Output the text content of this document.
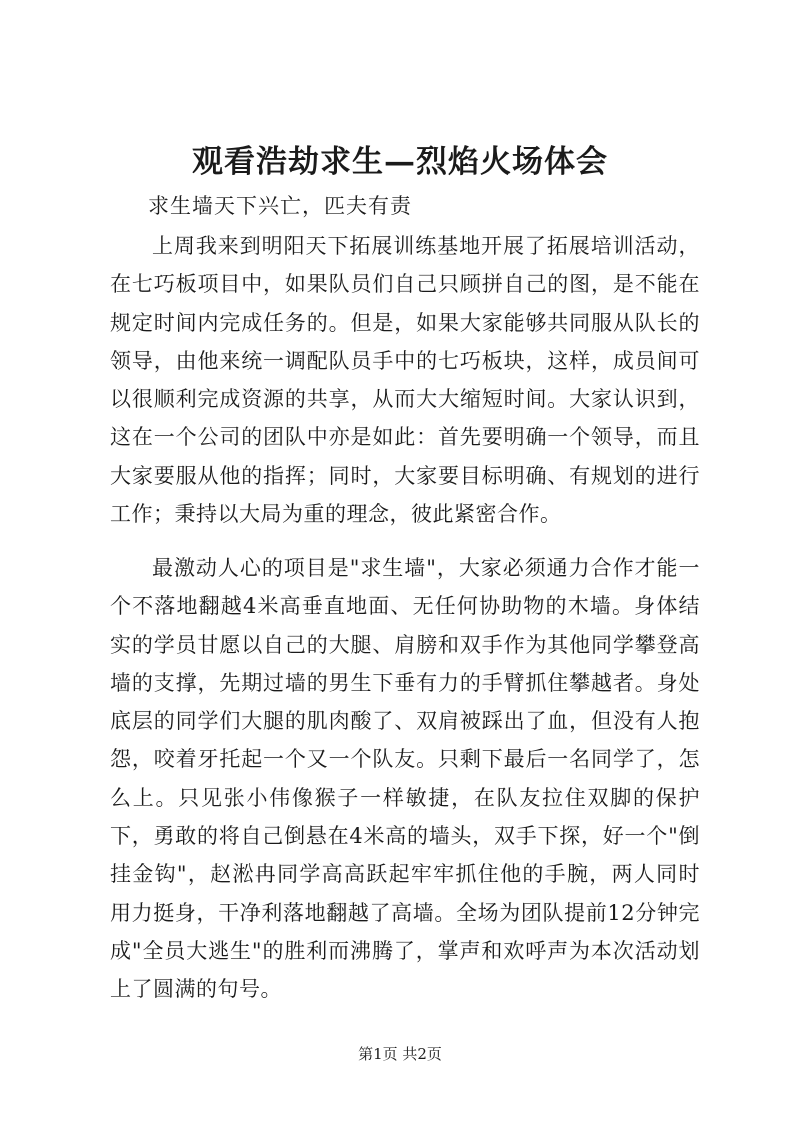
观看浩劫求生—烈焰火场体会
求生墙天下兴亡，匹夫有责

上周我来到明阳天下拓展训练基地开展了拓展培训活动，在七巧板项目中，如果队员们自己只顾拼自己的图，是不能在规定时间内完成任务的。但是，如果大家能够共同服从队长的领导，由他来统一调配队员手中的七巧板块，这样，成员间可以很顺利完成资源的共享，从而大大缩短时间。大家认识到，这在一个公司的团队中亦是如此：首先要明确一个领导，而且大家要服从他的指挥；同时，大家要目标明确、有规划的进行工作；秉持以大局为重的理念，彼此紧密合作。

最激动人心的项目是"求生墙"，大家必须通力合作才能一个不落地翻越4米高垂直地面、无任何协助物的木墙。身体结实的学员甘愿以自己的大腿、肩膀和双手作为其他同学攀登高墙的支撑，先期过墙的男生下垂有力的手臂抓住攀越者。身处底层的同学们大腿的肌肉酸了、双肩被踩出了血，但没有人抱怨，咬着牙托起一个又一个队友。只剩下最后一名同学了，怎么上。只见张小伟像猴子一样敏捷，在队友拉住双脚的保护下，勇敢的将自己倒悬在4米高的墙头，双手下探，好一个"倒挂金钩"，赵淞冉同学高高跃起牢牢抓住他的手腕，两人同时用力挺身，干净利落地翻越了高墙。全场为团队提前12分钟完成"全员大逃生"的胜利而沸腾了，掌声和欢呼声为本次活动划上了圆满的句号。

第1页 共2页
